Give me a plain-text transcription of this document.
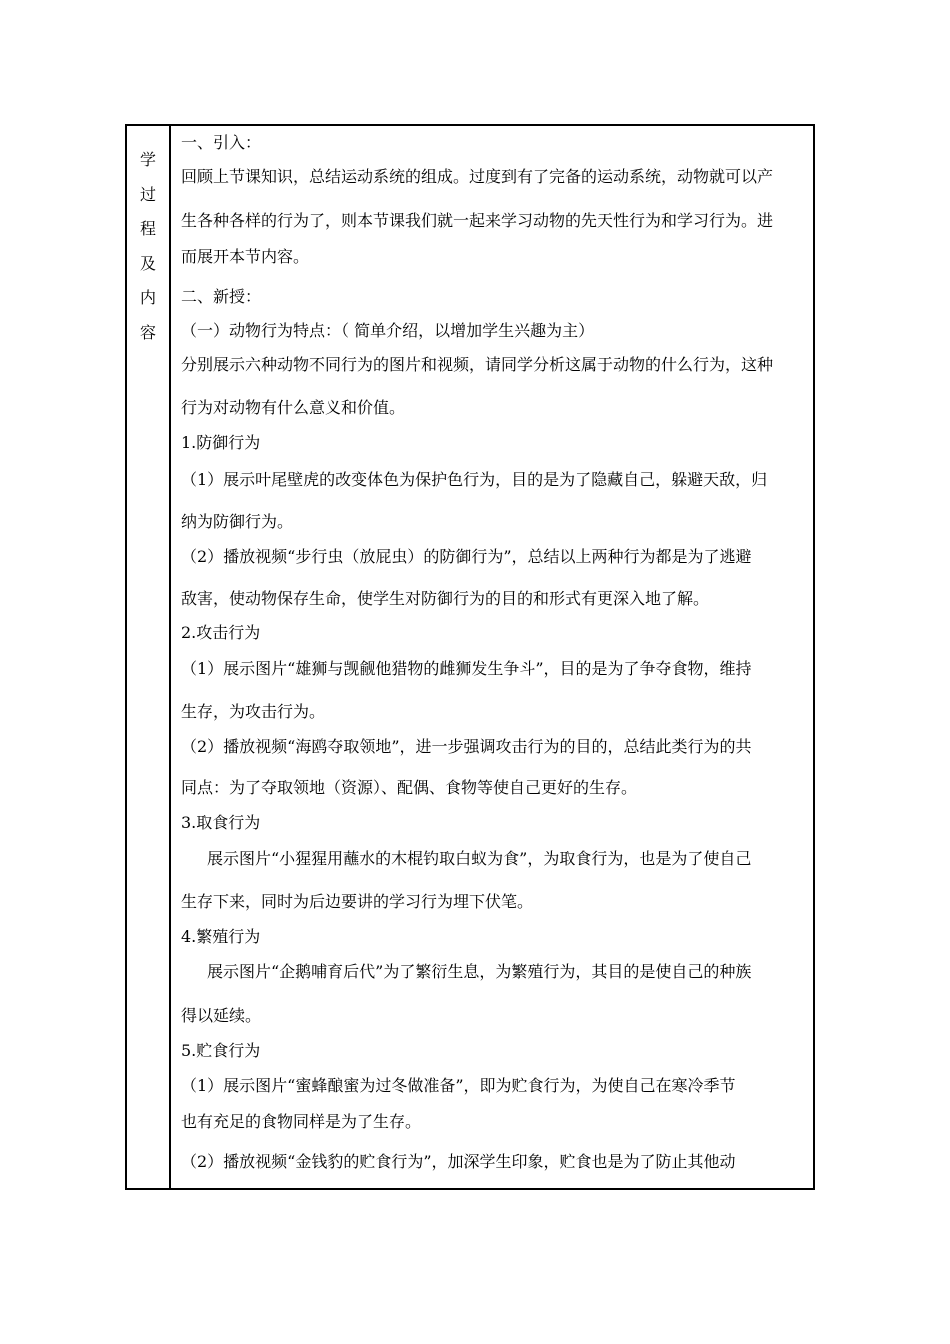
学
过
程
及
内
容
一、引入：
回顾上节课知识，总结运动系统的组成。过度到有了完备的运动系统，动物就可以产
生各种各样的行为了，则本节课我们就一起来学习动物的先天性行为和学习行为。进
而展开本节内容。
二、新授：
（一）动物行为特点：（ 简单介绍，以增加学生兴趣为主）
分别展示六种动物不同行为的图片和视频，请同学分析这属于动物的什么行为，这种
行为对动物有什么意义和价值。
1.防御行为
（1）展示叶尾壁虎的改变体色为保护色行为，目的是为了隐藏自己，躲避天敌，归
纳为防御行为。
（2）播放视频“步行虫（放屁虫）的防御行为”，总结以上两种行为都是为了逃避
敌害，使动物保存生命，使学生对防御行为的目的和形式有更深入地了解。
2.攻击行为
（1）展示图片“雄狮与觊觎他猎物的雌狮发生争斗”，目的是为了争夺食物，维持
生存，为攻击行为。
（2）播放视频“海鸥夺取领地”，进一步强调攻击行为的目的，总结此类行为的共
同点：为了夺取领地（资源）、配偶、食物等使自己更好的生存。
3.取食行为
展示图片“小猩猩用蘸水的木棍钓取白蚁为食”，为取食行为，也是为了使自己
生存下来，同时为后边要讲的学习行为埋下伏笔。
4.繁殖行为
展示图片“企鹅哺育后代”为了繁衍生息，为繁殖行为，其目的是使自己的种族
得以延续。
5.贮食行为
（1）展示图片“蜜蜂酿蜜为过冬做准备”，即为贮食行为，为使自己在寒冷季节
也有充足的食物同样是为了生存。
（2）播放视频“金钱豹的贮食行为”，加深学生印象，贮食也是为了防止其他动
